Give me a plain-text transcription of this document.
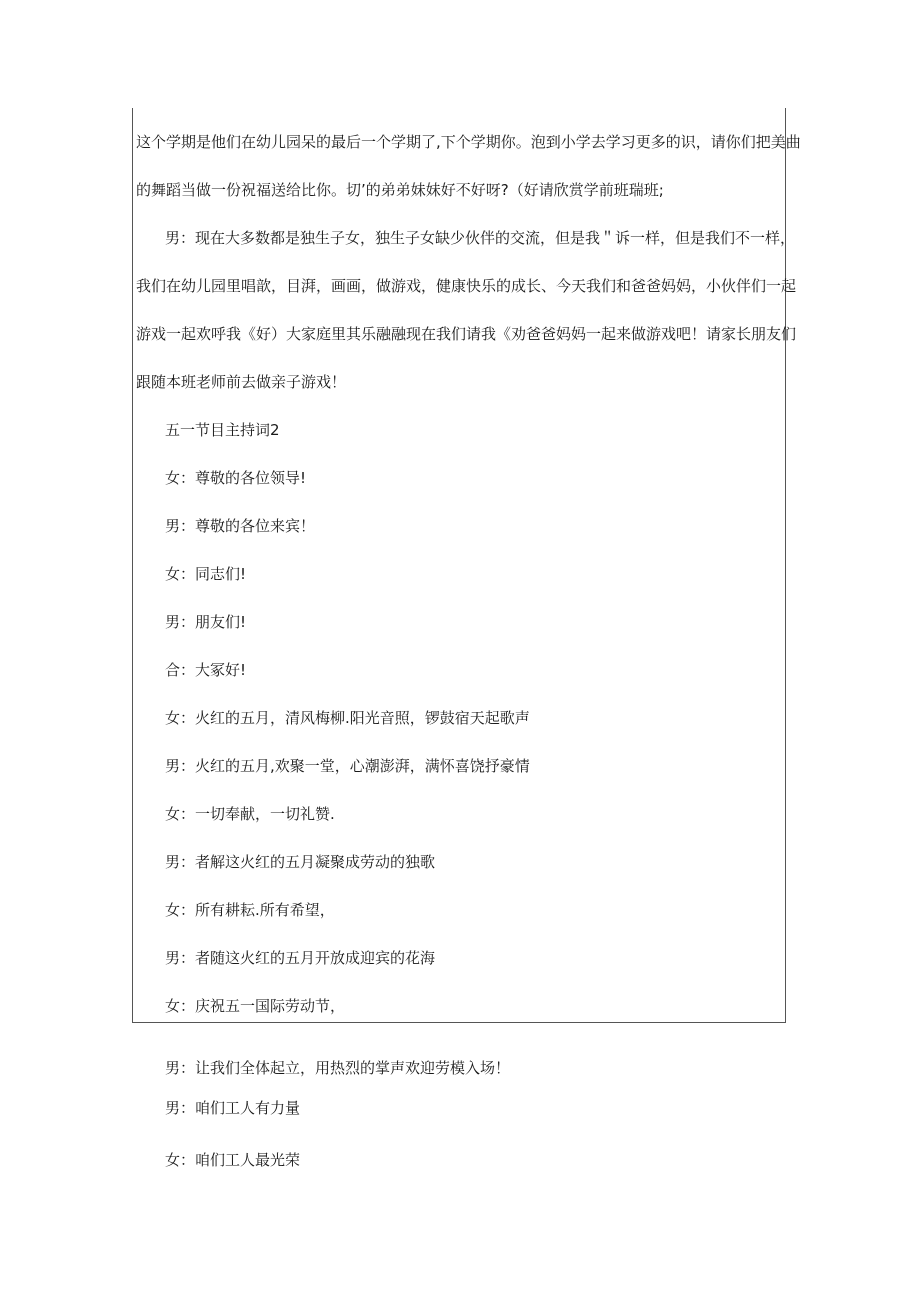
这个学期是他们在幼儿园呆的最后一个学期了,下个学期你。泡到小学去学习更多的识，请你们把美曲
的舞蹈当做一份祝福送给比你。切’的弟弟妹妹好不好呀?（好请欣赏学前班瑞班;
男：现在大多数都是独生子女，独生子女缺少伙伴的交流，但是我＂诉一样，但是我们不一样，
我们在幼儿园里唱歆，目湃，画画，做游戏，健康快乐的成长、今天我们和爸爸妈妈，小伙伴们一起
游戏一起欢呼我《好）大家庭里其乐融融现在我们请我《劝爸爸妈妈一起来做游戏吧！请家长朋友们
跟随本班老师前去做亲子游戏！
五一节目主持词2
女：尊敬的各位领导!
男：尊敬的各位来宾！
女：同志们!
男：朋友们!
合：大冢好!
女：火红的五月，清风梅柳.阳光音照，锣鼓宿天起歌声
男：火红的五月,欢聚一堂，心潮澎湃，满怀喜饶抒豪情
女：一切奉献，一切礼赞.
男：者解这火红的五月凝聚成劳动的独歌
女：所有耕耘.所有希望，
男：者随这火红的五月开放成迎宾的花海
女：庆祝五一国际劳动节，
男：让我们全体起立，用热烈的掌声欢迎劳模入场！
男：咱们工人有力量
女：咱们工人最光荣
